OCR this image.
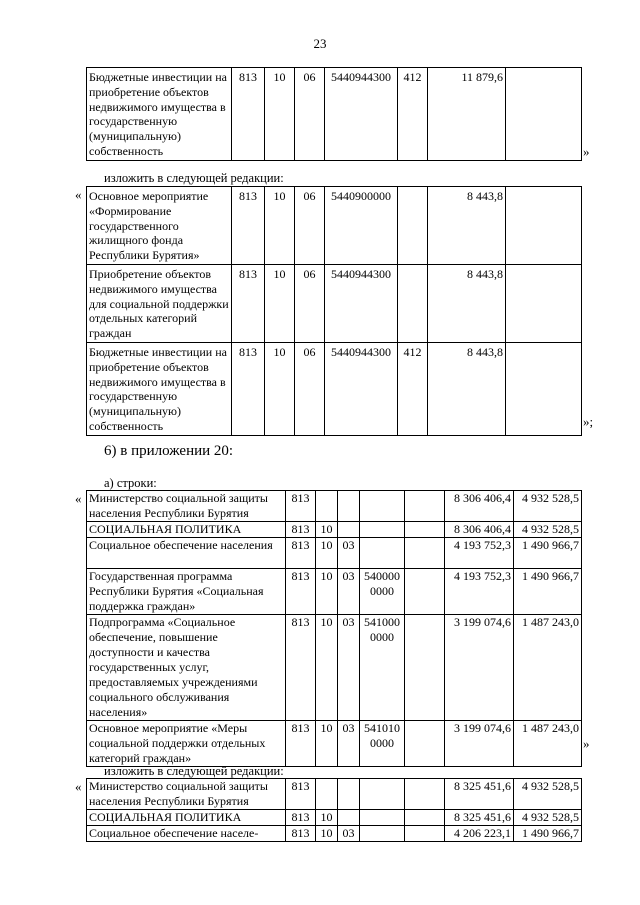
23
Бюджетные инвестиции на приобретение объектов недвижимого имущества в государственную (муниципальную) собственность	813	10	06	5440944300	412	11 879,6	
»
изложить в следующей редакции:
« Основное мероприятие «Формирование государственного жилищного фонда Республики Бурятия»	813	10	06	5440900000		8 443,8	
Приобретение объектов недвижимого имущества для социальной поддержки отдельных категорий граждан	813	10	06	5440944300		8 443,8	
Бюджетные инвестиции на приобретение объектов недвижимого имущества в государственную (муниципальную) собственность	813	10	06	5440944300	412	8 443,8	
»;
6) в приложении 20:
а) строки:
« Министерство социальной защиты населения Республики Бурятия	813					8 306 406,4	4 932 528,5
СОЦИАЛЬНАЯ ПОЛИТИКА	813	10				8 306 406,4	4 932 528,5
Социальное обеспечение населения	813	10	03			4 193 752,3	1 490 966,7
Государственная программа Республики Бурятия «Социальная поддержка граждан»	813	10	03	540000 0000		4 193 752,3	1 490 966,7
Подпрограмма «Социальное обеспечение, повышение доступности и качества государственных услуг, предоставляемых учреждениями социального обслуживания населения»	813	10	03	541000 0000		3 199 074,6	1 487 243,0
Основное мероприятие «Меры социальной поддержки отдельных категорий граждан»	813	10	03	541010 0000		3 199 074,6	1 487 243,0
»
изложить в следующей редакции:
« Министерство социальной защиты населения Республики Бурятия	813					8 325 451,6	4 932 528,5
СОЦИАЛЬНАЯ ПОЛИТИКА	813	10				8 325 451,6	4 932 528,5
Социальное обеспечение населе-	813	10	03			4 206 223,1	1 490 966,7
